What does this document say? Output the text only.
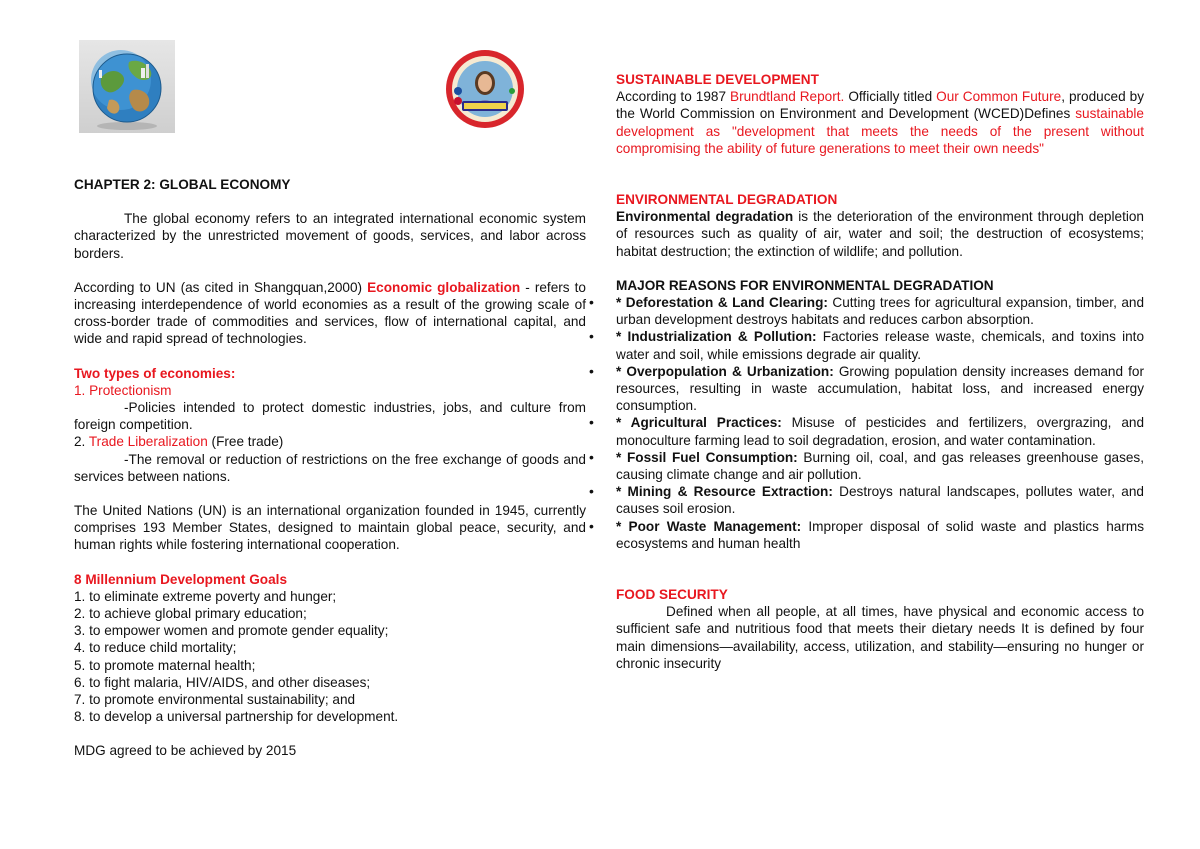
CHAPTER 2: GLOBAL ECONOMY

The global economy refers to an integrated international economic system characterized by the unrestricted movement of goods, services, and labor across borders.

According to UN (as cited in Shangquan,2000) Economic globalization - refers to increasing interdependence of world economies as a result of the growing scale of cross-border trade of commodities and services, flow of international capital, and wide and rapid spread of technologies.

Two types of economies:

1. Protectionism

-Policies intended to protect domestic industries, jobs, and culture from foreign competition.

2. Trade Liberalization (Free trade)

-The removal or reduction of restrictions on the free exchange of goods and services between nations.

The United Nations (UN) is an international organization founded in 1945, currently comprises 193 Member States, designed to maintain global peace, security, and human rights while fostering international cooperation.

8 Millennium Development Goals

1. to eliminate extreme poverty and hunger;

2. to achieve global primary education;

3. to empower women and promote gender equality;

4. to reduce child mortality;

5. to promote maternal health;

6. to fight malaria, HIV/AIDS, and other diseases;

7. to promote environmental sustainability; and

8. to develop a universal partnership for development.

MDG agreed to be achieved by 2015

SUSTAINABLE DEVELOPMENT

According to 1987 Brundtland Report. Officially titled Our Common Future, produced by the World Commission on Environment and Development (WCED)Defines sustainable development as "development that meets the needs of the present without compromising the ability of future generations to meet their own needs"

ENVIRONMENTAL DEGRADATION

Environmental degradation is the deterioration of the environment through depletion of resources such as quality of air, water and soil; the destruction of ecosystems; habitat destruction; the extinction of wildlife; and pollution.

MAJOR REASONS FOR ENVIRONMENTAL DEGRADATION

• * Deforestation & Land Clearing: Cutting trees for agricultural expansion, timber, and urban development destroys habitats and reduces carbon absorption.
• * Industrialization & Pollution: Factories release waste, chemicals, and toxins into water and soil, while emissions degrade air quality.
• * Overpopulation & Urbanization: Growing population density increases demand for resources, resulting in waste accumulation, habitat loss, and increased energy consumption.
• * Agricultural Practices: Misuse of pesticides and fertilizers, overgrazing, and monoculture farming lead to soil degradation, erosion, and water contamination.
• * Fossil Fuel Consumption: Burning oil, coal, and gas releases greenhouse gases, causing climate change and air pollution.
• * Mining & Resource Extraction: Destroys natural landscapes, pollutes water, and causes soil erosion.
• * Poor Waste Management: Improper disposal of solid waste and plastics harms ecosystems and human health

FOOD SECURITY

Defined when all people, at all times, have physical and economic access to sufficient safe and nutritious food that meets their dietary needs It is defined by four main dimensions—availability, access, utilization, and stability—ensuring no hunger or chronic insecurity
